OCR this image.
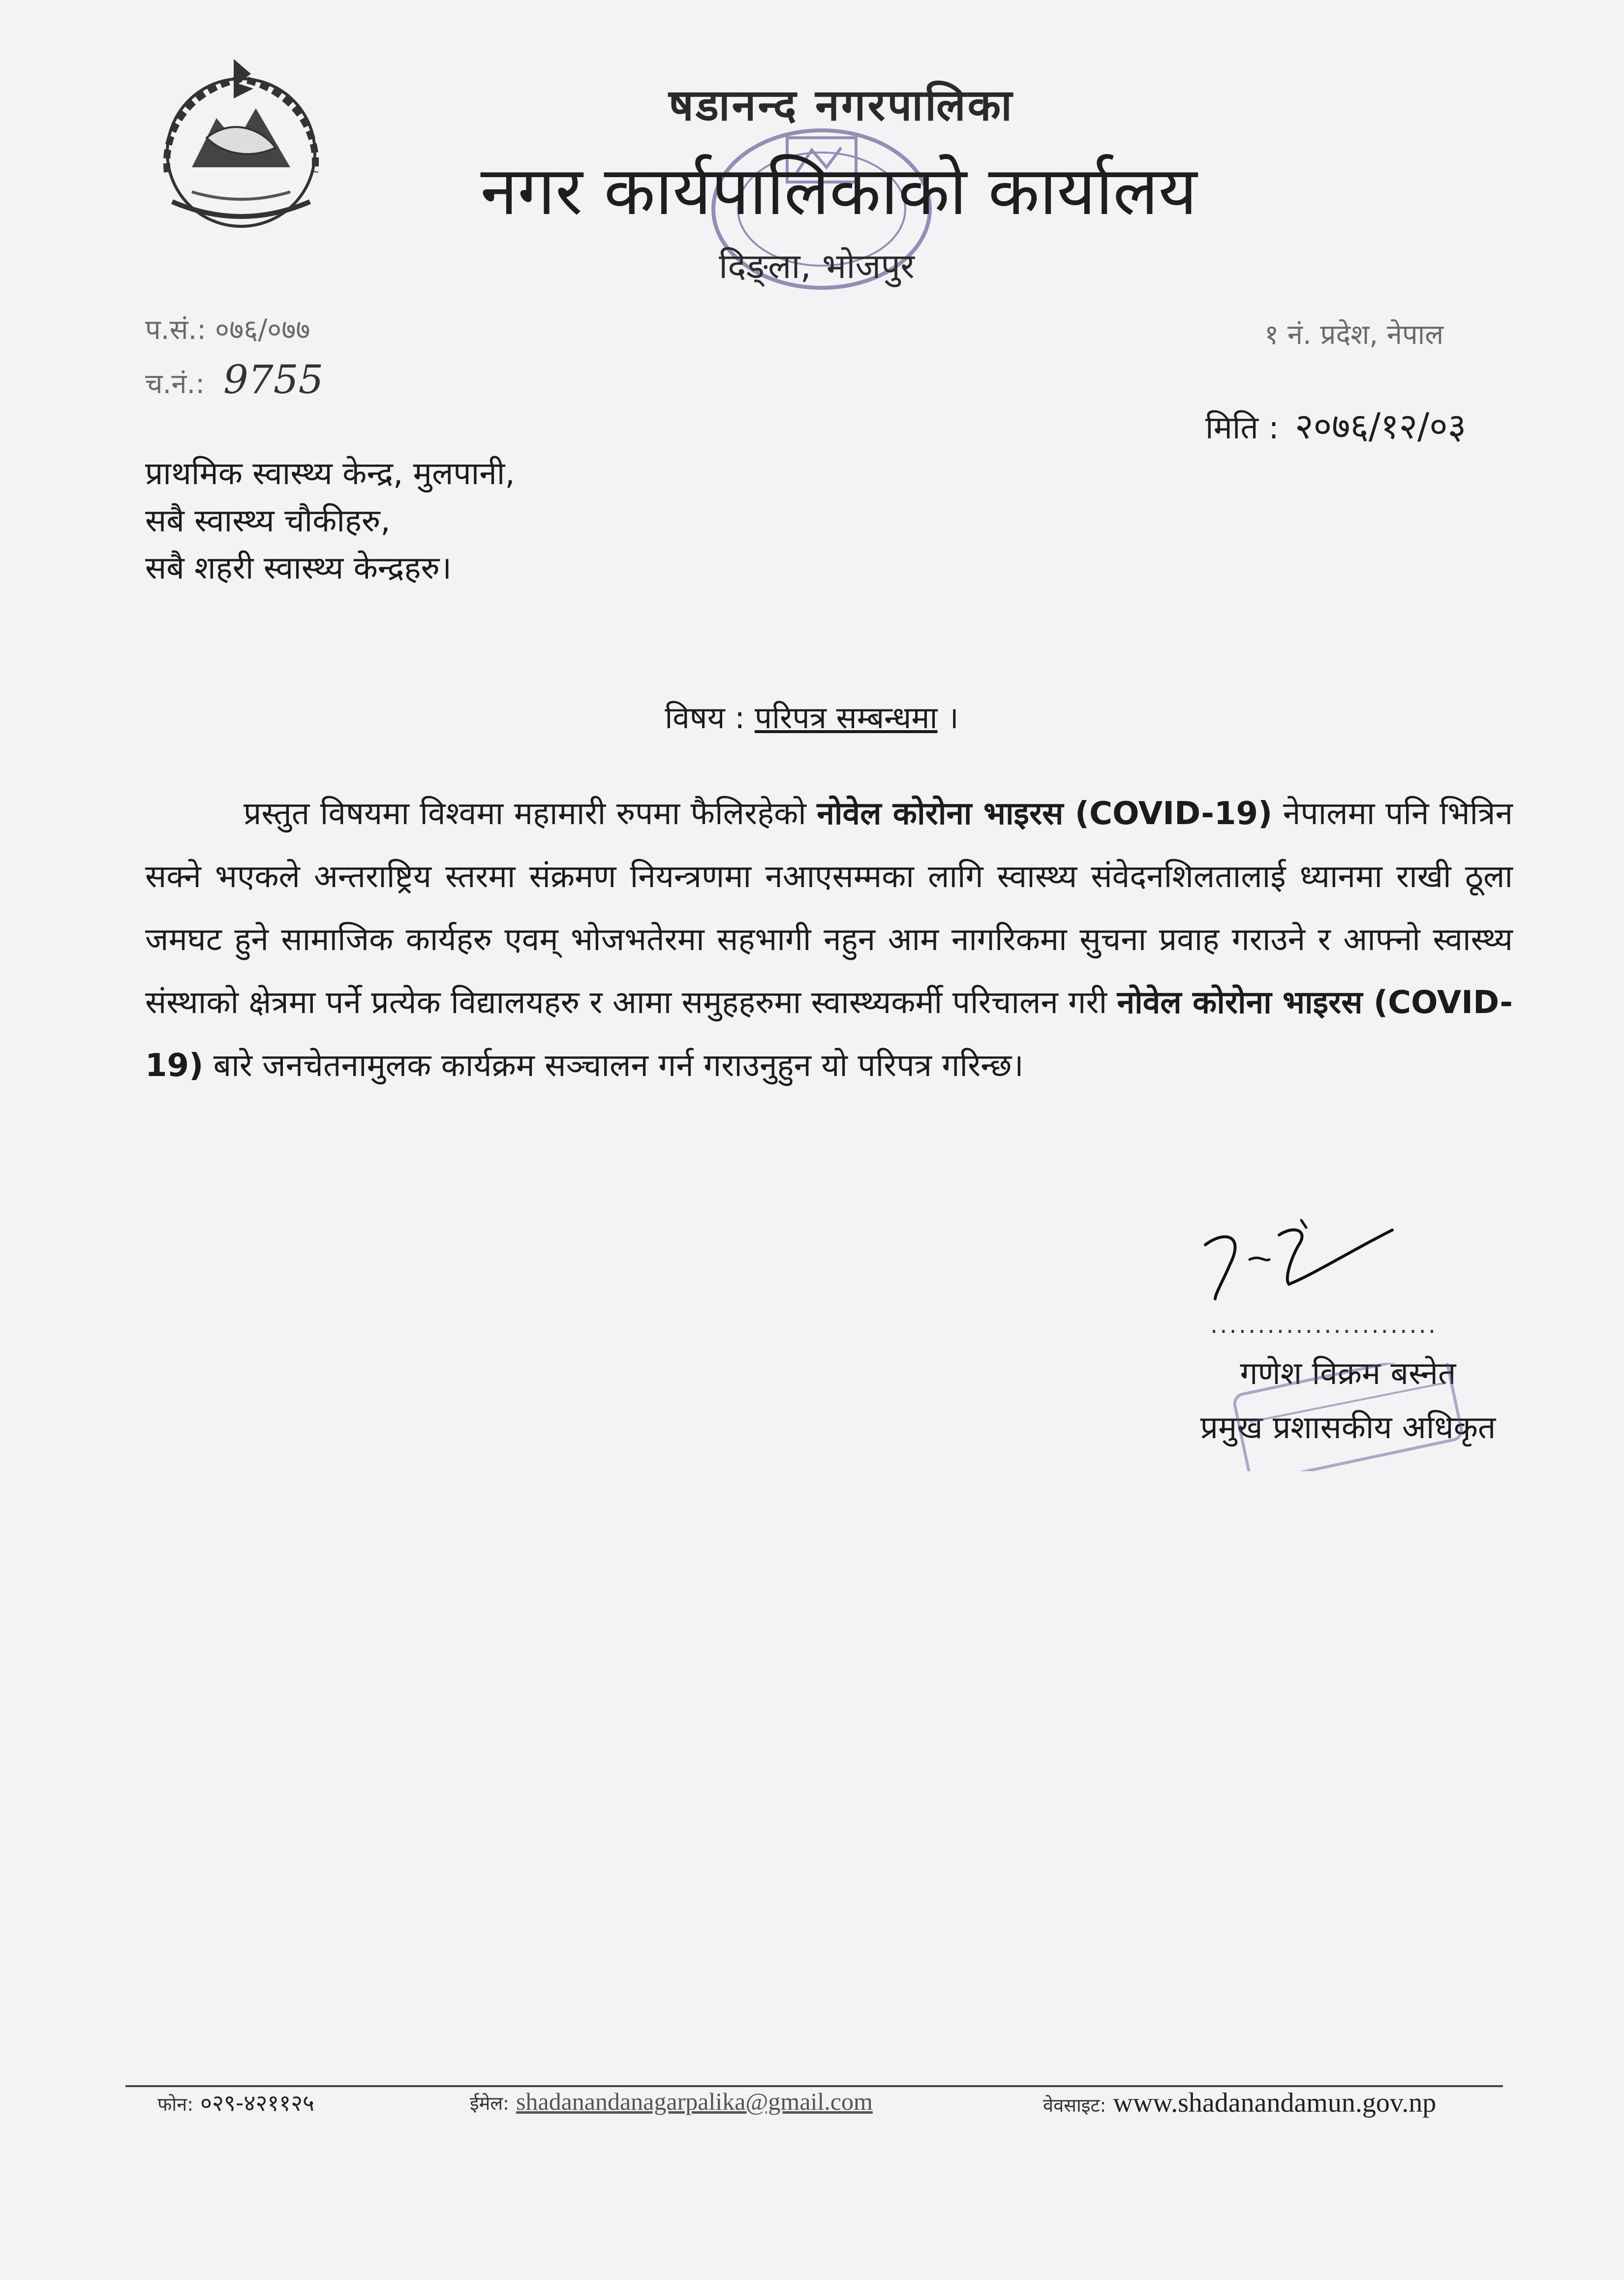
षडानन्द नगरपालिका
नगर कार्यपालिकाको कार्यालय
दिङ्ला, भोजपुर
प.सं.: ०७६/०७७
च.नं.: 9755
१ नं. प्रदेश, नेपाल
मिति : २०७६/१२/०३
प्राथमिक स्वास्थ्य केन्द्र, मुलपानी,
सबै स्वास्थ्य चौकीहरु,
सबै शहरी स्वास्थ्य केन्द्रहरु।
विषय : परिपत्र सम्बन्धमा ।
प्रस्तुत विषयमा विश्वमा महामारी रुपमा फैलिरहेको नोवेल कोरोना भाइरस (COVID-19) नेपालमा पनि भित्रिन सक्ने भएकले अन्तराष्ट्रिय स्तरमा संक्रमण नियन्त्रणमा नआएसम्मका लागि स्वास्थ्य संवेदनशिलतालाई ध्यानमा राखी ठूला जमघट हुने सामाजिक कार्यहरु एवम् भोजभतेरमा सहभागी नहुन आम नागरिकमा सुचना प्रवाह गराउने र आफ्नो स्वास्थ्य संस्थाको क्षेत्रमा पर्ने प्रत्येक विद्यालयहरु र आमा समुहहरुमा स्वास्थ्यकर्मी परिचालन गरी नोवेल कोरोना भाइरस (COVID-19) बारे जनचेतनामुलक कार्यक्रम सञ्चालन गर्न गराउनुहुन यो परिपत्र गरिन्छ।
........................
गणेश विक्रम बस्नेत
प्रमुख प्रशासकीय अधिकृत
फोन: ०२९-४२११२५	ईमेल: shadanandanagarpalika@gmail.com	वेवसाइट: www.shadanandamun.gov.np
